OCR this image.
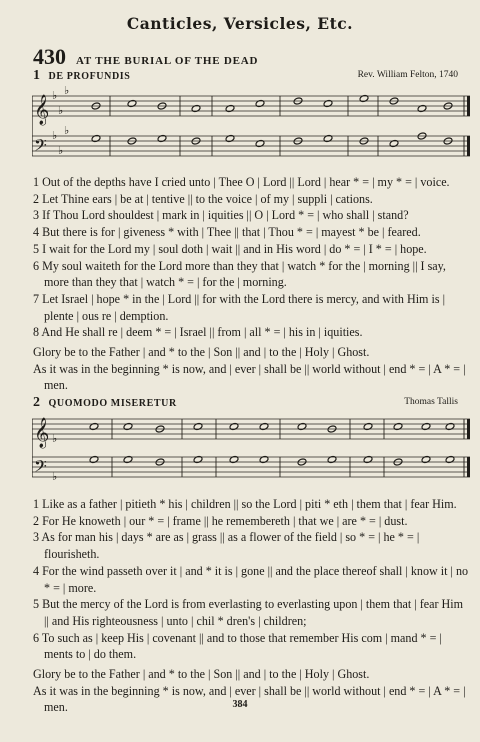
Canticles, Versicles, Etc.
430 AT THE BURIAL OF THE DEAD
1 DE PROFUNDIS	Rev. William Felton, 1740
𝄞 ♭
♭
♭
𝄢 ♭
♭
♭

1 Out of the depths have I cried unto | Thee O | Lord || Lord | hear * = | my * = | voice.

2 Let Thine ears | be at | tentive || to the voice | of my | suppli | cations.

3 If Thou Lord shouldest | mark in | iquities || O | Lord * = | who shall | stand?

4 But there is for | giveness * with | Thee || that | Thou * = | mayest * be | feared.

5 I wait for the Lord my | soul doth | wait || and in His word | do * = | I * = | hope.

6 My soul waiteth for the Lord more than they that | watch * for the | morning || I say, more than they that | watch * = | for the | morning.

7 Let Israel | hope * in the | Lord || for with the Lord there is mercy, and with Him is | plente | ous re | demption.

8 And He shall re | deem * = | Israel || from | all * = | his in | iquities.

Glory be to the Father | and * to the | Son || and | to the | Holy | Ghost.

As it was in the beginning * is now, and | ever | shall be || world without | end * = | A * = | men.

2 QUOMODO MISERETUR	Thomas Tallis
𝄞 ♭
𝄢 ♭

1 Like as a father | pitieth * his | children || so the Lord | piti * eth | them that | fear Him.

2 For He knoweth | our * = | frame || he remembereth | that we | are * = | dust.

3 As for man his | days * are as | grass || as a flower of the field | so * = | he * = | flourisheth.

4 For the wind passeth over it | and * it is | gone || and the place thereof shall | know it | no * = | more.

5 But the mercy of the Lord is from everlasting to everlasting upon | them that | fear Him || and His righteousness | unto | chil * dren's | children;

6 To such as | keep His | covenant || and to those that remember His com | mand * = | ments to | do them.

Glory be to the Father | and * to the | Son || and | to the | Holy | Ghost.

As it was in the beginning * is now, and | ever | shall be || world without | end * = | A * = | men.	384
